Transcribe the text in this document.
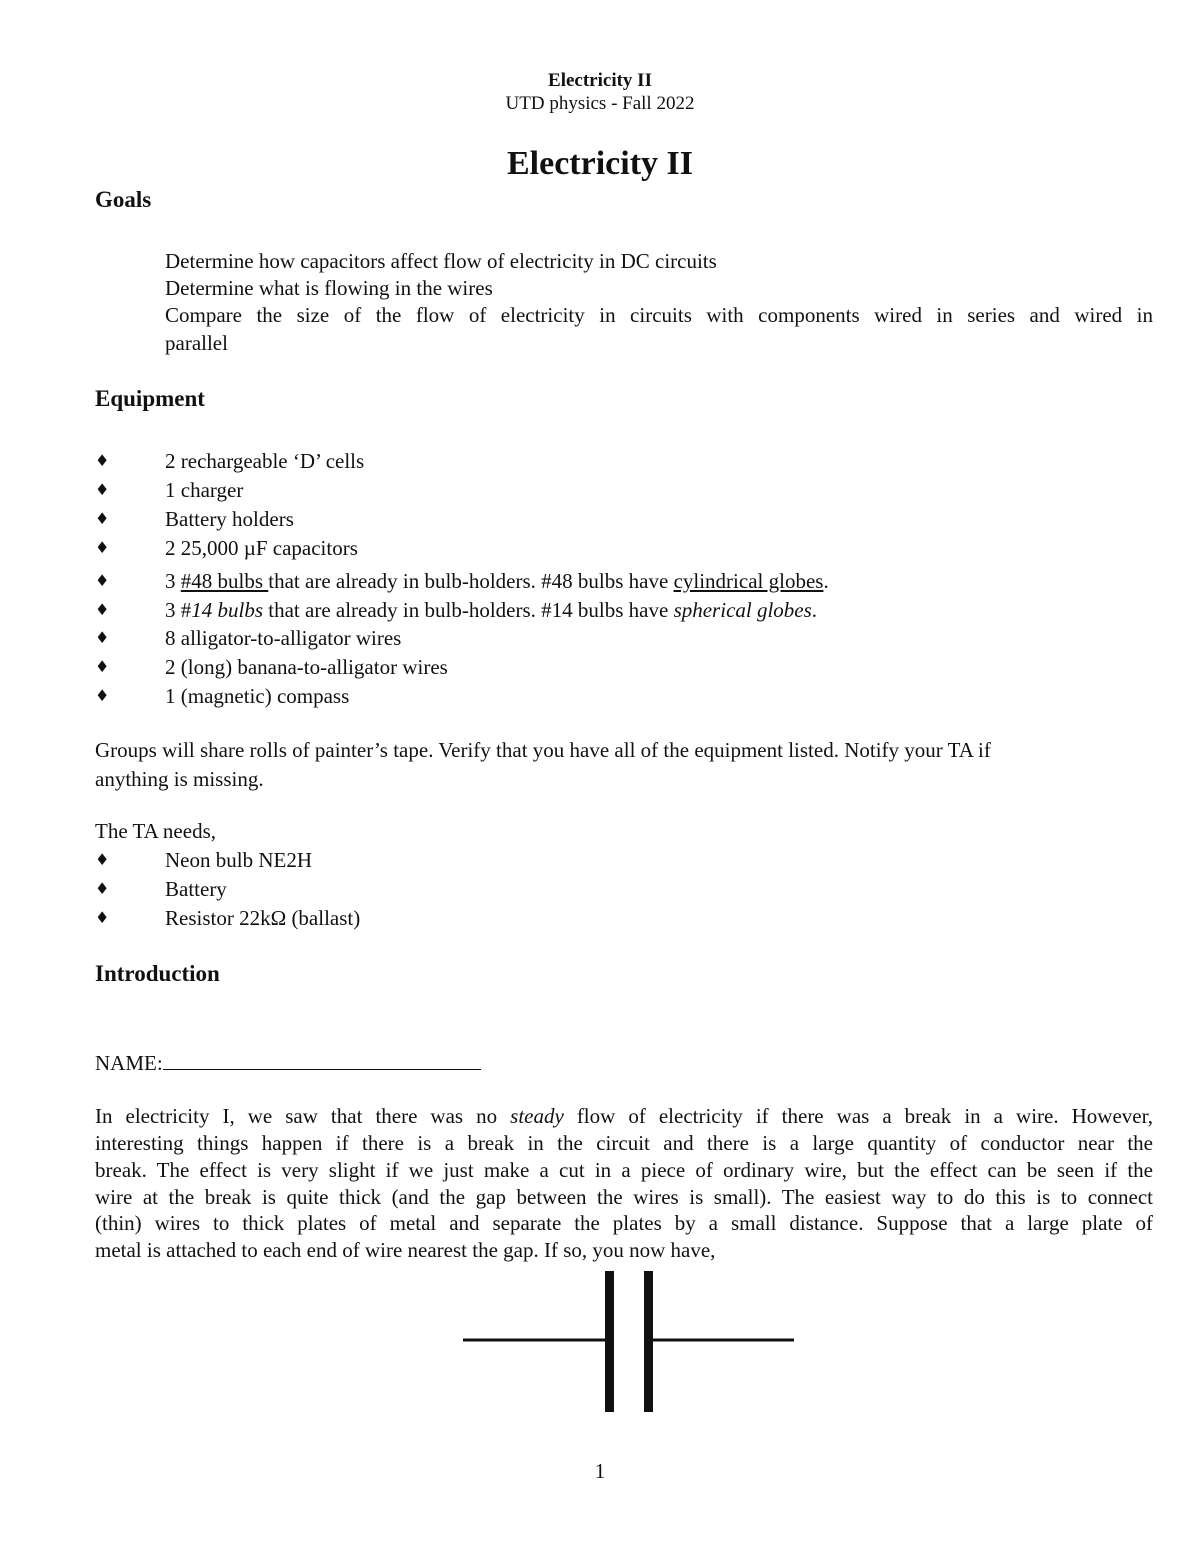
Electricity II
UTD physics - Fall 2022
Electricity II
Goals
Determine how capacitors affect flow of electricity in DC circuits
Determine what is flowing in the wires
Compare the size of the flow of electricity in circuits with components wired in series and wired in
parallel
Equipment
♦	2 rechargeable ‘D’ cells
♦	1 charger
♦	Battery holders
♦	2 25,000 µF capacitors
♦	3 #48 bulbs that are already in bulb-holders. #48 bulbs have cylindrical globes.
♦	3 #14 bulbs that are already in bulb-holders. #14 bulbs have spherical globes.
♦	8 alligator-to-alligator wires
♦	2 (long) banana-to-alligator wires
♦	1 (magnetic) compass
Groups will share rolls of painter’s tape. Verify that you have all of the equipment listed. Notify your TA if
anything is missing.
The TA needs,
♦	Neon bulb NE2H
♦	Battery
♦	Resistor 22kΩ (ballast)
Introduction
NAME:
In electricity I, we saw that there was no steady flow of electricity if there was a break in a wire. However,
interesting things happen if there is a break in the circuit and there is a large quantity of conductor near the
break. The effect is very slight if we just make a cut in a piece of ordinary wire, but the effect can be seen if the
wire at the break is quite thick (and the gap between the wires is small). The easiest way to do this is to connect
(thin) wires to thick plates of metal and separate the plates by a small distance. Suppose that a large plate of
metal is attached to each end of wire nearest the gap. If so, you now have,
1
